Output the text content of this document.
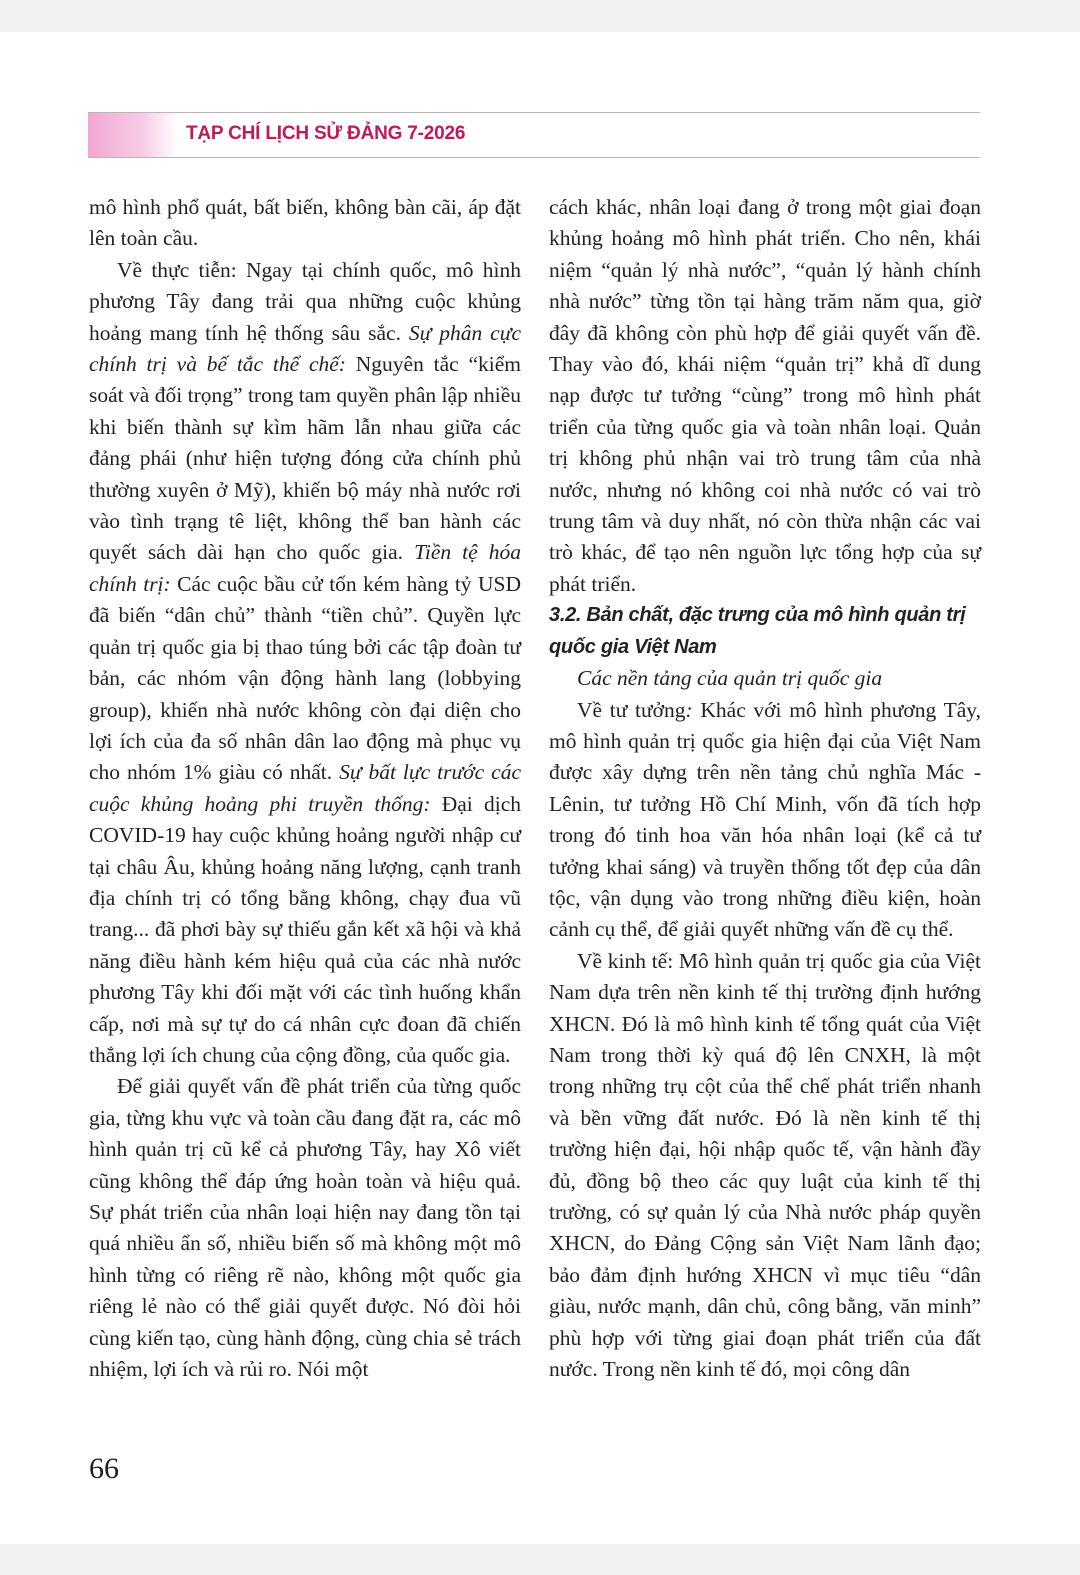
TẠP CHÍ LỊCH SỬ ĐẢNG 7-2026

mô hình phổ quát, bất biến, không bàn cãi, áp đặt lên toàn cầu.

Về thực tiễn: Ngay tại chính quốc, mô hình phương Tây đang trải qua những cuộc khủng hoảng mang tính hệ thống sâu sắc. Sự phân cực chính trị và bế tắc thể chế: Nguyên tắc “kiểm soát và đối trọng” trong tam quyền phân lập nhiều khi biến thành sự kìm hãm lẫn nhau giữa các đảng phái (như hiện tượng đóng cửa chính phủ thường xuyên ở Mỹ), khiến bộ máy nhà nước rơi vào tình trạng tê liệt, không thể ban hành các quyết sách dài hạn cho quốc gia. Tiền tệ hóa chính trị: Các cuộc bầu cử tốn kém hàng tỷ USD đã biến “dân chủ” thành “tiền chủ”. Quyền lực quản trị quốc gia bị thao túng bởi các tập đoàn tư bản, các nhóm vận động hành lang (lobbying group), khiến nhà nước không còn đại diện cho lợi ích của đa số nhân dân lao động mà phục vụ cho nhóm 1% giàu có nhất. Sự bất lực trước các cuộc khủng hoảng phi truyền thống: Đại dịch COVID-19 hay cuộc khủng hoảng người nhập cư tại châu Âu, khủng hoảng năng lượng, cạnh tranh địa chính trị có tổng bằng không, chạy đua vũ trang... đã phơi bày sự thiếu gắn kết xã hội và khả năng điều hành kém hiệu quả của các nhà nước phương Tây khi đối mặt với các tình huống khẩn cấp, nơi mà sự tự do cá nhân cực đoan đã chiến thắng lợi ích chung của cộng đồng, của quốc gia.

Để giải quyết vấn đề phát triển của từng quốc gia, từng khu vực và toàn cầu đang đặt ra, các mô hình quản trị cũ kể cả phương Tây, hay Xô viết cũng không thể đáp ứng hoàn toàn và hiệu quả. Sự phát triển của nhân loại hiện nay đang tồn tại quá nhiều ẩn số, nhiều biến số mà không một mô hình từng có riêng rẽ nào, không một quốc gia riêng lẻ nào có thể giải quyết được. Nó đòi hỏi cùng kiến tạo, cùng hành động, cùng chia sẻ trách nhiệm, lợi ích và rủi ro. Nói một

cách khác, nhân loại đang ở trong một giai đoạn khủng hoảng mô hình phát triển. Cho nên, khái niệm “quản lý nhà nước”, “quản lý hành chính nhà nước” từng tồn tại hàng trăm năm qua, giờ đây đã không còn phù hợp để giải quyết vấn đề. Thay vào đó, khái niệm “quản trị” khả dĩ dung nạp được tư tưởng “cùng” trong mô hình phát triển của từng quốc gia và toàn nhân loại. Quản trị không phủ nhận vai trò trung tâm của nhà nước, nhưng nó không coi nhà nước có vai trò trung tâm và duy nhất, nó còn thừa nhận các vai trò khác, để tạo nên nguồn lực tổng hợp của sự phát triển.

3.2. Bản chất, đặc trưng của mô hình quản trị quốc gia Việt Nam

Các nền tảng của quản trị quốc gia

Về tư tưởng: Khác với mô hình phương Tây, mô hình quản trị quốc gia hiện đại của Việt Nam được xây dựng trên nền tảng chủ nghĩa Mác - Lênin, tư tưởng Hồ Chí Minh, vốn đã tích hợp trong đó tinh hoa văn hóa nhân loại (kể cả tư tưởng khai sáng) và truyền thống tốt đẹp của dân tộc, vận dụng vào trong những điều kiện, hoàn cảnh cụ thể, để giải quyết những vấn đề cụ thể.

Về kinh tế: Mô hình quản trị quốc gia của Việt Nam dựa trên nền kinh tế thị trường định hướng XHCN. Đó là mô hình kinh tế tổng quát của Việt Nam trong thời kỳ quá độ lên CNXH, là một trong những trụ cột của thể chế phát triển nhanh và bền vững đất nước. Đó là nền kinh tế thị trường hiện đại, hội nhập quốc tế, vận hành đầy đủ, đồng bộ theo các quy luật của kinh tế thị trường, có sự quản lý của Nhà nước pháp quyền XHCN, do Đảng Cộng sản Việt Nam lãnh đạo; bảo đảm định hướng XHCN vì mục tiêu “dân giàu, nước mạnh, dân chủ, công bằng, văn minh” phù hợp với từng giai đoạn phát triển của đất nước. Trong nền kinh tế đó, mọi công dân

66
